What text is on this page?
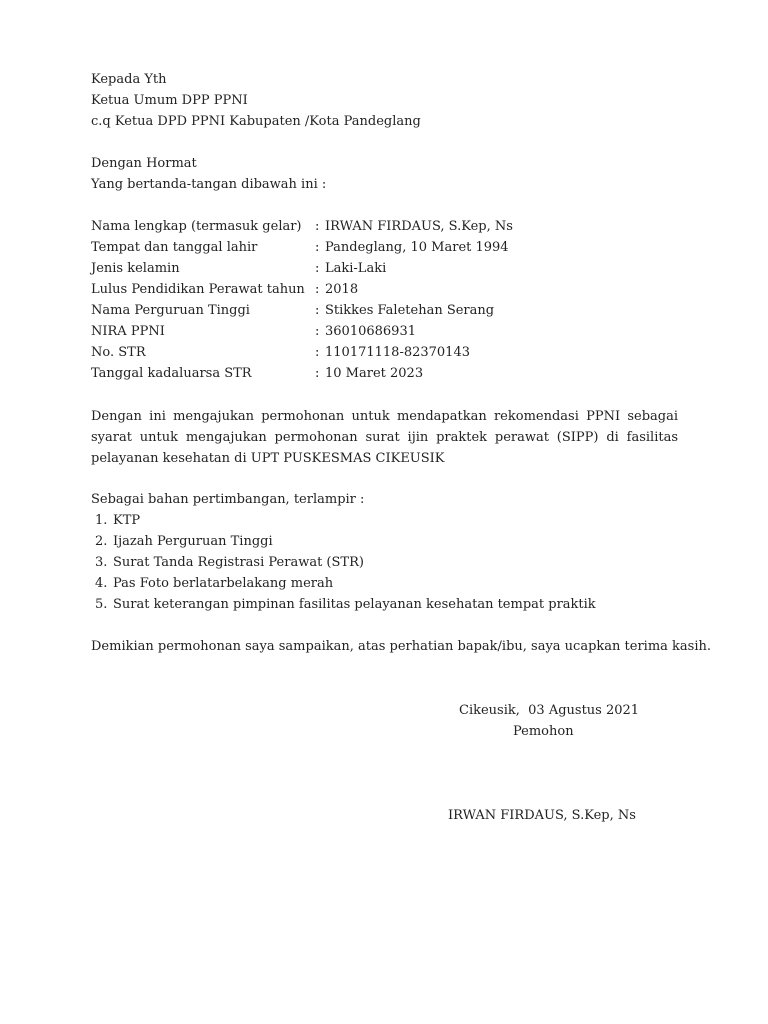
Kepada Yth
Ketua Umum DPP PPNI
c.q Ketua DPD PPNI Kabupaten /Kota Pandeglang
Dengan Hormat
Yang bertanda-tangan dibawah ini :
Nama lengkap (termasuk gelar) : IRWAN FIRDAUS, S.Kep, Ns
Tempat dan tanggal lahir	: Pandeglang, 10 Maret 1994
Jenis kelamin	: Laki-Laki
Lulus Pendidikan Perawat tahun : 2018
Nama Perguruan Tinggi	: Stikkes Faletehan Serang
NIRA PPNI	: 36010686931
No. STR	: 110171118-82370143
Tanggal kadaluarsa STR	: 10 Maret 2023
Dengan ini mengajukan permohonan untuk mendapatkan rekomendasi PPNI sebagai syarat untuk mengajukan permohonan surat ijin praktek perawat (SIPP) di fasilitas pelayanan kesehatan di UPT PUSKESMAS CIKEUSIK
Sebagai bahan pertimbangan, terlampir :
1. KTP
2. Ijazah Perguruan Tinggi
3. Surat Tanda Registrasi Perawat (STR)
4. Pas Foto berlatarbelakang merah
5. Surat keterangan pimpinan fasilitas pelayanan kesehatan tempat praktik
Demikian permohonan saya sampaikan, atas perhatian bapak/ibu, saya ucapkan terima kasih.
Cikeusik,  03 Agustus 2021
Pemohon
IRWAN FIRDAUS, S.Kep, Ns
